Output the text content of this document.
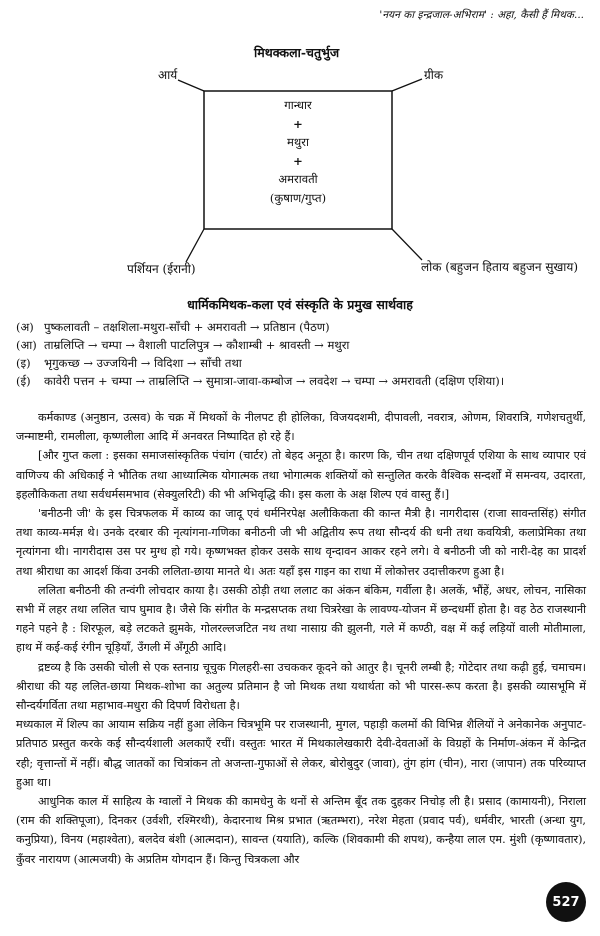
'नयन का इन्द्रजाल-अभिराम' : अहा, कैसी हैं मिथक...
मिथक्कला-चतुर्भुज
आर्य	ग्रीक
पर्शियन (ईरानी)	लोक (बहुजन हिताय बहुजन सुखाय)
गान्धार
+
मथुरा
+
अमरावती
(कुषाण/गुप्त)
धार्मिकमिथक-कला एवं संस्कृति के प्रमुख सार्थवाह
(अ) पुष्कलावती – तक्षशिला-मथुरा-साँची + अमरावती → प्रतिष्ठान (पैठण)
(आ) ताम्रलिप्ति → चम्पा → वैशाली पाटलिपुत्र → कौशाम्बी + श्रावस्ती → मथुरा
(इ)	भृगुकच्छ → उज्जयिनी → विदिशा → साँची तथा
(ई)	कावेरी पत्तन + चम्पा → ताम्रलिप्ति → सुमात्रा-जावा-कम्बोज → लवदेश → चम्पा → अमरावती (दक्षिण एशिया)।

कर्मकाण्ड (अनुष्ठान, उत्सव) के चक्र में मिथकों के नीलपट ही होलिका, विजयदशमी, दीपावली, नवरात्र, ओणम, शिवरात्रि, गणेशचतुर्थी, जन्माष्टमी, रामलीला, कृष्णलीला आदि में अनवरत निष्पादित हो रहे हैं।

[और गुप्त कला : इसका समाजसांस्कृतिक पंचांग (चार्टर) तो बेहद अनूठा है। कारण कि, चीन तथा दक्षिणपूर्व एशिया के साथ व्यापार एवं वाणिज्य की अधिकाई ने भौतिक तथा आध्यात्मिक योगात्मक तथा भोगात्मक शक्तियों को सन्तुलित करके वैश्विक सन्दर्शों में समन्वय, उदारता, इहलौकिकता तथा सर्वधर्मसमभाव (सेक्युलरिटी) की भी अभिवृद्धि की। इस कला के अक्ष शिल्प एवं वास्तु हैं।]

'बनीठनी जी' के इस चित्रफलक में काव्य का जादू एवं धर्मनिरपेक्ष अलौकिकता की कान्त मैत्री है। नागरीदास (राजा सावन्तसिंह) संगीत तथा काव्य-मर्मज्ञ थे। उनके दरबार की नृत्यांगना-गणिका बनीठनी जी भी अद्वितीय रूप तथा सौन्दर्य की धनी तथा कवयित्री, कलाप्रेमिका तथा नृत्यांगना थी। नागरीदास उस पर मुग्ध हो गये। कृष्णभक्त होकर उसके साथ वृन्दावन आकर रहने लगे। वे बनीठनी जी को नारी-देह का प्रादर्श तथा श्रीराधा का आदर्श किंवा उनकी ललिता-छाया मानते थे। अतः यहाँ इस गाइन का राधा में लोकोत्तर उदात्तीकरण हुआ है।

ललिता बनीठनी की तन्वंगी लोचदार काया है। उसकी ठोड़ी तथा ललाट का अंकन बंकिम, गर्वीला है। अलकें, भौंहें, अधर, लोचन, नासिका सभी में लहर तथा ललित चाप घुमाव है। जैसे कि संगीत के मन्द्रसप्तक तथा चित्ररेखा के लावण्य-योजन में छन्दधर्मी होता है। वह ठेठ राजस्थानी गहने पहने है : शिरफूल, बड़े लटकते झुमके, गोलरल्लजटित नथ तथा नासाग्र की झुलनी, गले में कण्ठी, वक्ष में कई लड़ियों वाली मोतीमाला, हाथ में कई-कई रंगीन चूड़ियाँ, उँगली में अँगूठी आदि।

द्रष्टव्य है कि उसकी चोली से एक स्तनाग्र चूचुक गिलहरी-सा उचककर कूदने को आतुर है। चूनरी लम्बी है; गोटेदार तथा कढ़ी हुई, चमाचम। श्रीराधा की यह ललित-छाया मिथक-शोभा का अतुल्य प्रतिमान है जो मिथक तथा यथार्थता को भी पारस-रूप करता है। इसकी व्यासभूमि में सौन्दर्यगर्विता तथा महाभाव-मधुरा की दिपर्ण विरोधता है।

मध्यकाल में शिल्प का आयाम सक्रिय नहीं हुआ लेकिन चित्रभूमि पर राजस्थानी, मुगल, पहाड़ी कलमों की विभिन्न शैलियों ने अनेकानेक अनुपाट-प्रतिपाठ प्रस्तुत करके कई सौन्दर्यशाली अलकाएँ रचीं। वस्तुतः भारत में मिथकालेखकारी देवी-देवताओं के विग्रहों के निर्माण-अंकन में केन्द्रित रही; वृत्तान्तों में नहीं। बौद्ध जातकों का चित्रांकन तो अजन्ता-गुफाओं से लेकर, बोरोबुदुर (जावा), तुंग हांग (चीन), नारा (जापान) तक परिव्याप्त हुआ था।

आधुनिक काल में साहित्य के ग्वालों ने मिथक की कामधेनु के थनों से अन्तिम बूँद तक दुहकर निचोड़ ली है। प्रसाद (कामायनी), निराला (राम की शक्तिपूजा), दिनकर (उर्वशी, रश्मिरथी), केदारनाथ मिश्र प्रभात (ऋतम्भरा), नरेश मेहता (प्रवाद पर्व), धर्मवीर, भारती (अन्धा युग, कनुप्रिया), विनय (महाश्वेता), बलदेव बंशी (आत्मदान), सावन्त (ययाति), कल्कि (शिवकामी की शपथ), कन्हैया लाल एम. मुंशी (कृष्णावतार), कुँवर नारायण (आत्मजयी) के अप्रतिम योगदान हैं। किन्तु चित्रकला और

527
